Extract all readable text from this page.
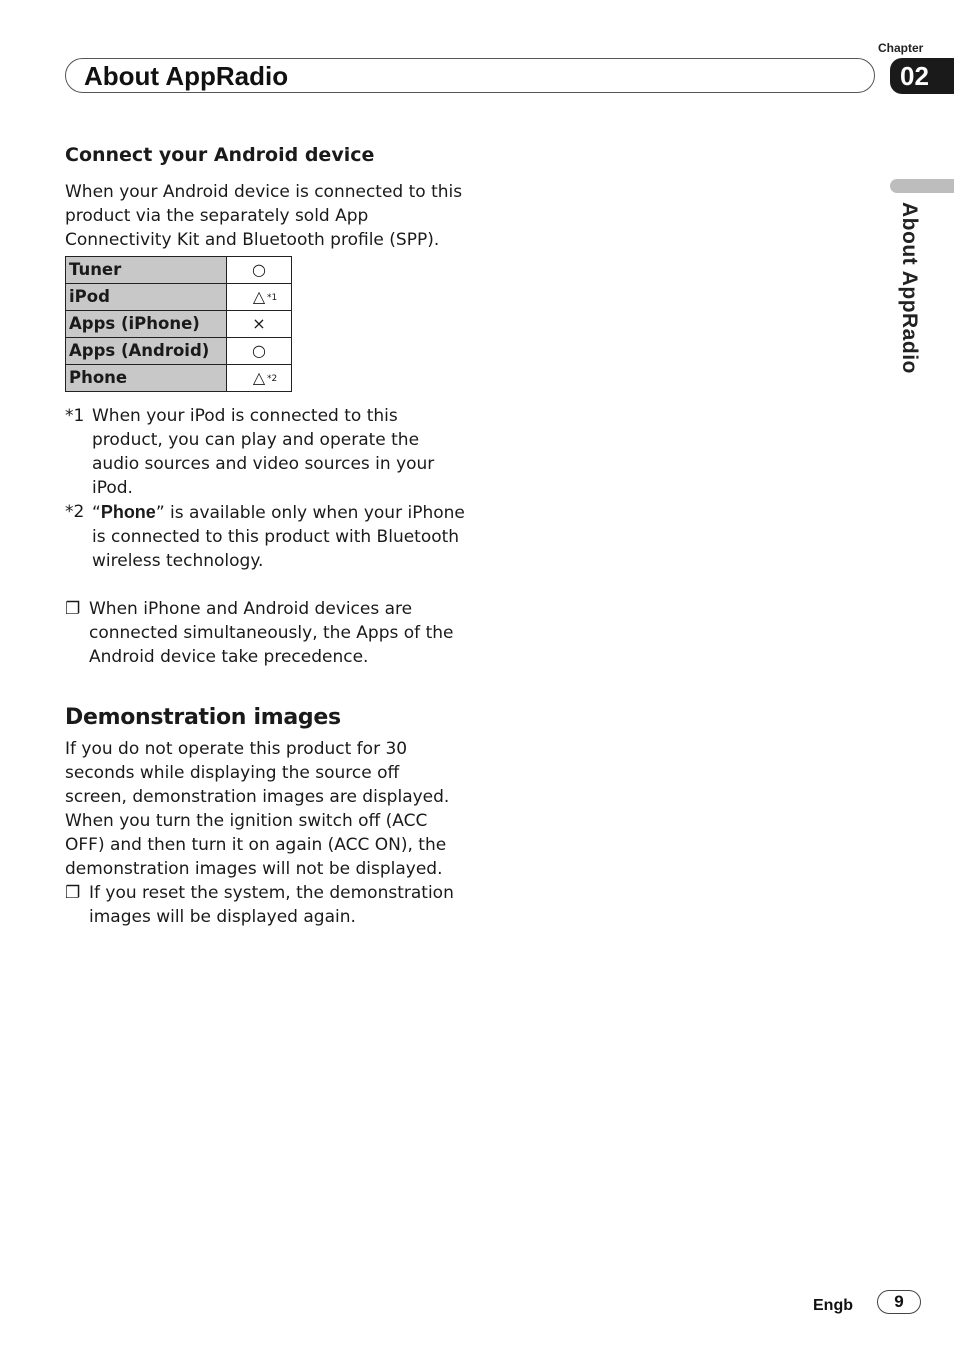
About AppRadio
Chapter
02
About AppRadio
Connect your Android device

When your Android device is connected to this product via the separately sold App Connectivity Kit and Bluetooth profile (SPP).

Tuner	○
iPod	△ *1

Apps (iPhone)	×
Apps (Android)	○
Phone	△ *2
*1 When your iPod is connected to this product, you can play and operate the audio sources and video sources in your iPod.
*2 “Phone” is available only when your iPhone is connected to this product with Bluetooth wireless technology.
❐ When iPhone and Android devices are connected simultaneously, the Apps of the Android device take precedence.
Demonstration images

If you do not operate this product for 30 seconds while displaying the source off screen, demonstration images are displayed.

When you turn the ignition switch off (ACC OFF) and then turn it on again (ACC ON), the demonstration images will not be displayed.

❐ If you reset the system, the demonstration images will be displayed again.
Engb	9
